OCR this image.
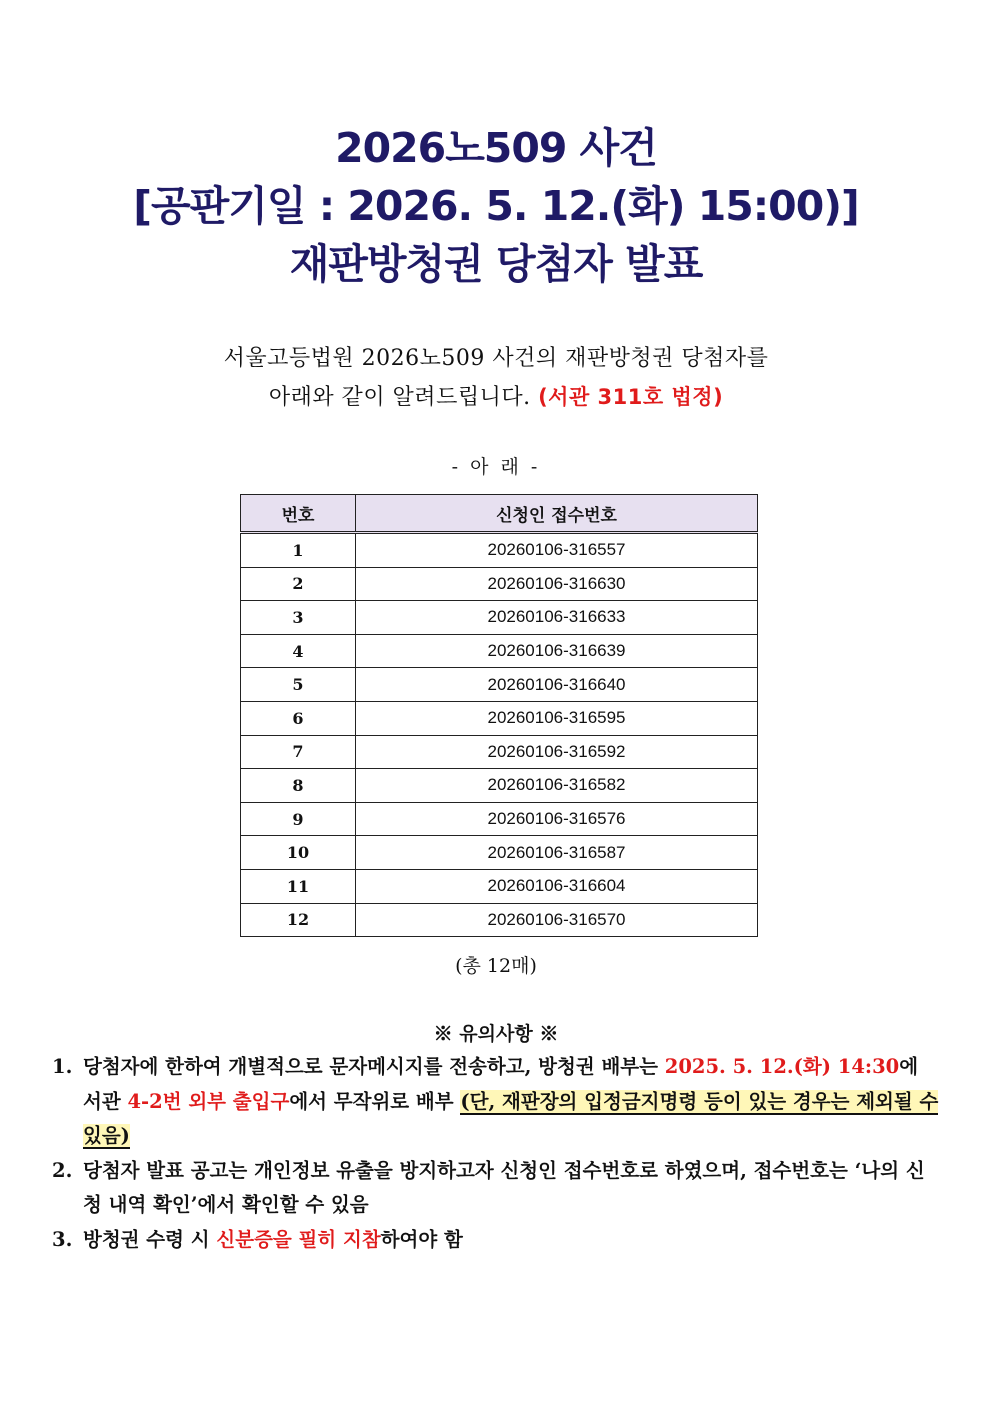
2026노509 사건
[공판기일 : 2026. 5. 12.(화) 15:00)]
재판방청권 당첨자 발표
서울고등법원 2026노509 사건의 재판방청권 당첨자를
아래와 같이 알려드립니다. (서관 311호 법정)
- 아 래 -
번호	신청인 접수번호
1	20260106-316557
2	20260106-316630
3	20260106-316633
4	20260106-316639
5	20260106-316640
6	20260106-316595
7	20260106-316592
8	20260106-316582
9	20260106-316576
10	20260106-316587
11	20260106-316604
12	20260106-316570
(총 12매)
※ 유의사항 ※
1. 당첨자에 한하여 개별적으로 문자메시지를 전송하고, 방청권 배부는 2025. 5. 12.(화) 14:30에 서관 4-2번 외부 출입구에서 무작위로 배부 (단, 재판장의 입정금지명령 등이 있는 경우는 제외될 수 있음)
2. 당첨자 발표 공고는 개인정보 유출을 방지하고자 신청인 접수번호로 하였으며, 접수번호는 ‘나의 신청 내역 확인’에서 확인할 수 있음
3. 방청권 수령 시 신분증을 필히 지참하여야 함
